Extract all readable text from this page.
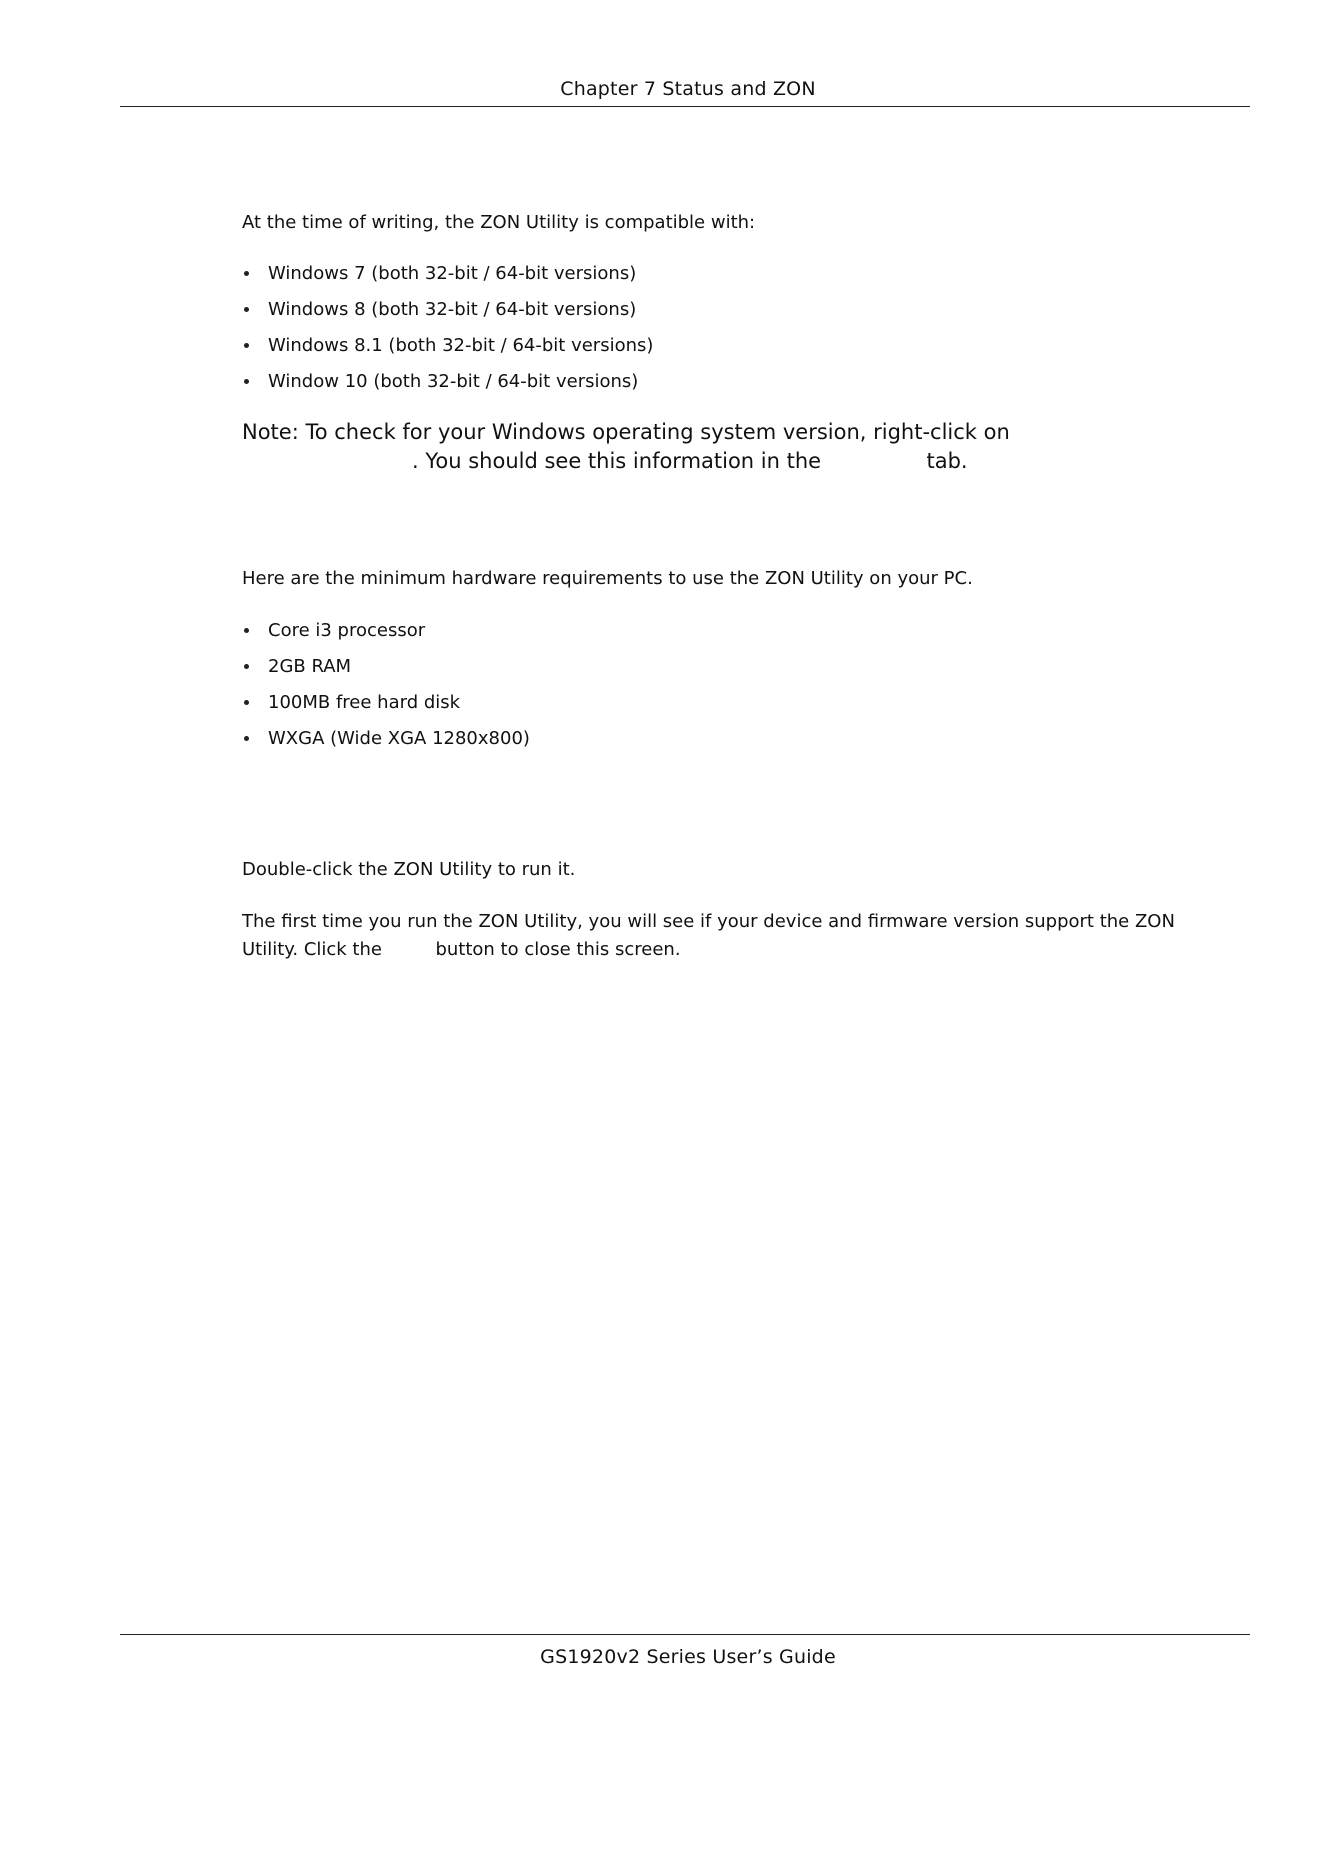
Chapter 7 Status and ZON

At the time of writing, the ZON Utility is compatible with:

Windows 7 (both 32-bit / 64-bit versions)
Windows 8 (both 32-bit / 64-bit versions)
Windows 8.1 (both 32-bit / 64-bit versions)
Window 10 (both 32-bit / 64-bit versions)
Note: To check for your Windows operating system version, right-click on
. You should see this information in the	tab.

Here are the minimum hardware requirements to use the ZON Utility on your PC.

Core i3 processor
2GB RAM
100MB free hard disk
WXGA (Wide XGA 1280x800)

Double-click the ZON Utility to run it.

The first time you run the ZON Utility, you will see if your device and firmware version support the ZON
Utility. Click the	button to close this screen.
GS1920v2 Series User’s Guide
